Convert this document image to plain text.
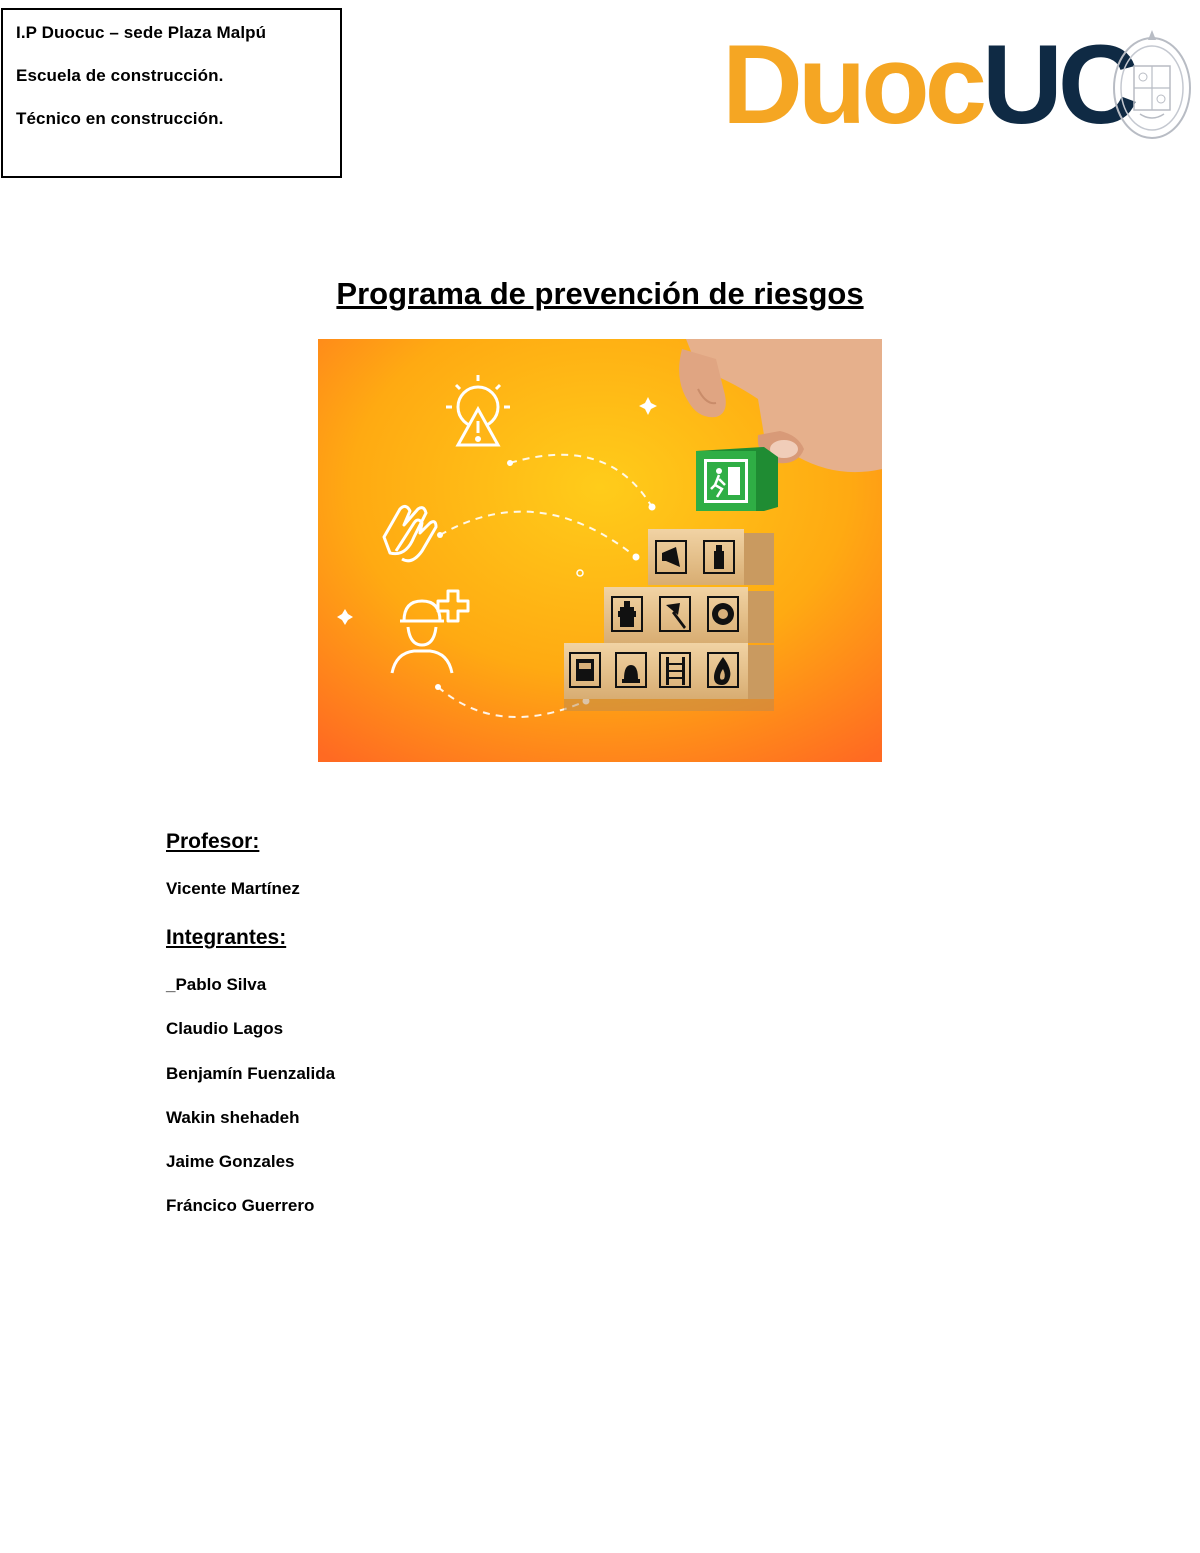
I.P Duocuc – sede Plaza Malpú
Escuela de construcción.
Técnico en construcción.	DuocUC
Programa de prevención de riesgos
Profesor:
Vicente Martínez
Integrantes:
_Pablo Silva
Claudio Lagos
Benjamín Fuenzalida
Wakin shehadeh
Jaime Gonzales
Fráncico Guerrero
